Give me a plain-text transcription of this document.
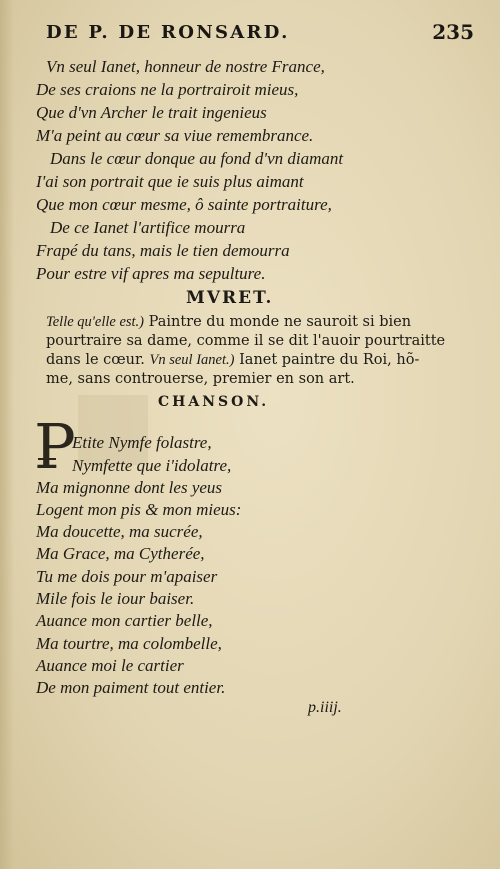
DE P. DE RONSARD.	235
Vn seul Ianet, honneur de nostre France,
De ses craions ne la portrairoit mieus,
Que d'vn Archer le trait ingenieus
M'a peint au cœur sa viue remembrance.
Dans le cœur donque au fond d'vn diamant
I'ai son portrait que ie suis plus aimant
Que mon cœur mesme, ô sainte portraiture,
De ce Ianet l'artifice mourra
Frapé du tans, mais le tien demourra
Pour estre vif apres ma sepulture.
MVRET.

Telle qu'elle est.) Paintre du monde ne sauroit si bien

pourtraire sa dame, comme il se dit l'auoir pourtraitte

dans le cœur. Vn seul Ianet.) Ianet paintre du Roi, hõ-

me, sans controuerse, premier en son art.

CHANSON.
P
Etite Nymfe folastre,
Nymfette que i'idolatre,
Ma mignonne dont les yeus
Logent mon pis & mon mieus:
Ma doucette, ma sucrée,
Ma Grace, ma Cytherée,
Tu me dois pour m'apaiser
Mile fois le iour baiser.
Auance mon cartier belle,
Ma tourtre, ma colombelle,
Auance moi le cartier
De mon paiment tout entier.
p.iiij.
